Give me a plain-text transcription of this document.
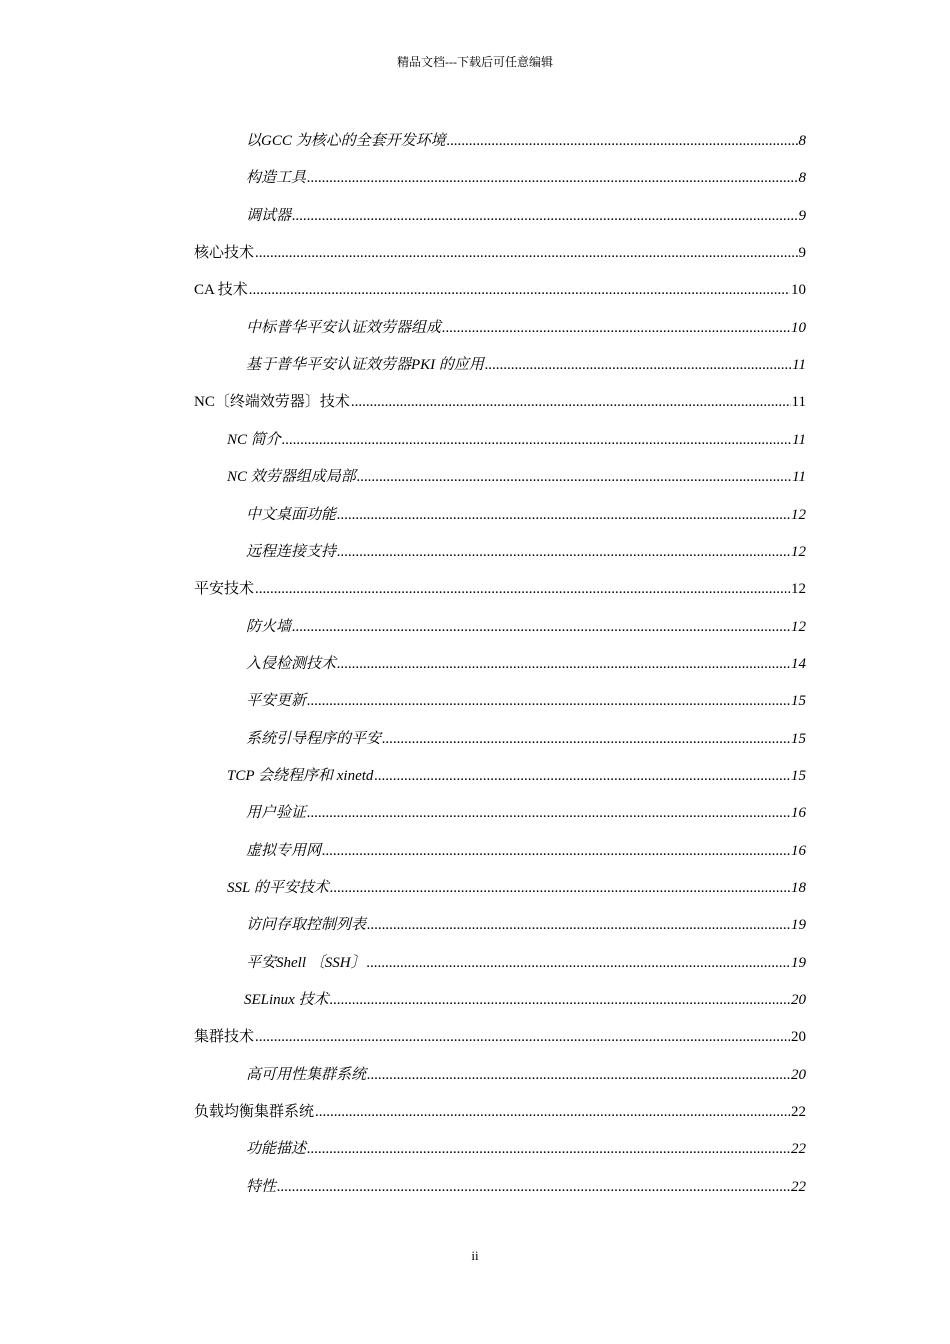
精品文档---下载后可任意编辑
以GCC 为核心的全套开发环境 .....	8
构造工具 .....	8
调试器 .....	9
核心技术 .....	9
CA 技术 .....	10
中标普华平安认证效劳器组成 .....	10
基于普华平安认证效劳器PKI 的应用 .....	11
NC〔终端效劳器〕技术 .....	11
NC 简介 .....	11
NC 效劳器组成局部 .....	11
中文桌面功能 .....	12
远程连接支持 .....	12
平安技术 .....	12
防火墙 .....	12
入侵检测技术 .....	14
平安更新 .....	15
系统引导程序的平安 .....	15
TCP 会绕程序和 xinetd .....	15
用户验证 .....	16
虚拟专用网 .....	16
SSL 的平安技术 .....	18
访问存取控制列表 .....	19
平安Shell 〔SSH〕 .....	19
SELinux 技术 .....	20
集群技术 .....	20
高可用性集群系统 .....	20
负载均衡集群系统 .....	22
功能描述 .....	22
特性 .....	22
ii
